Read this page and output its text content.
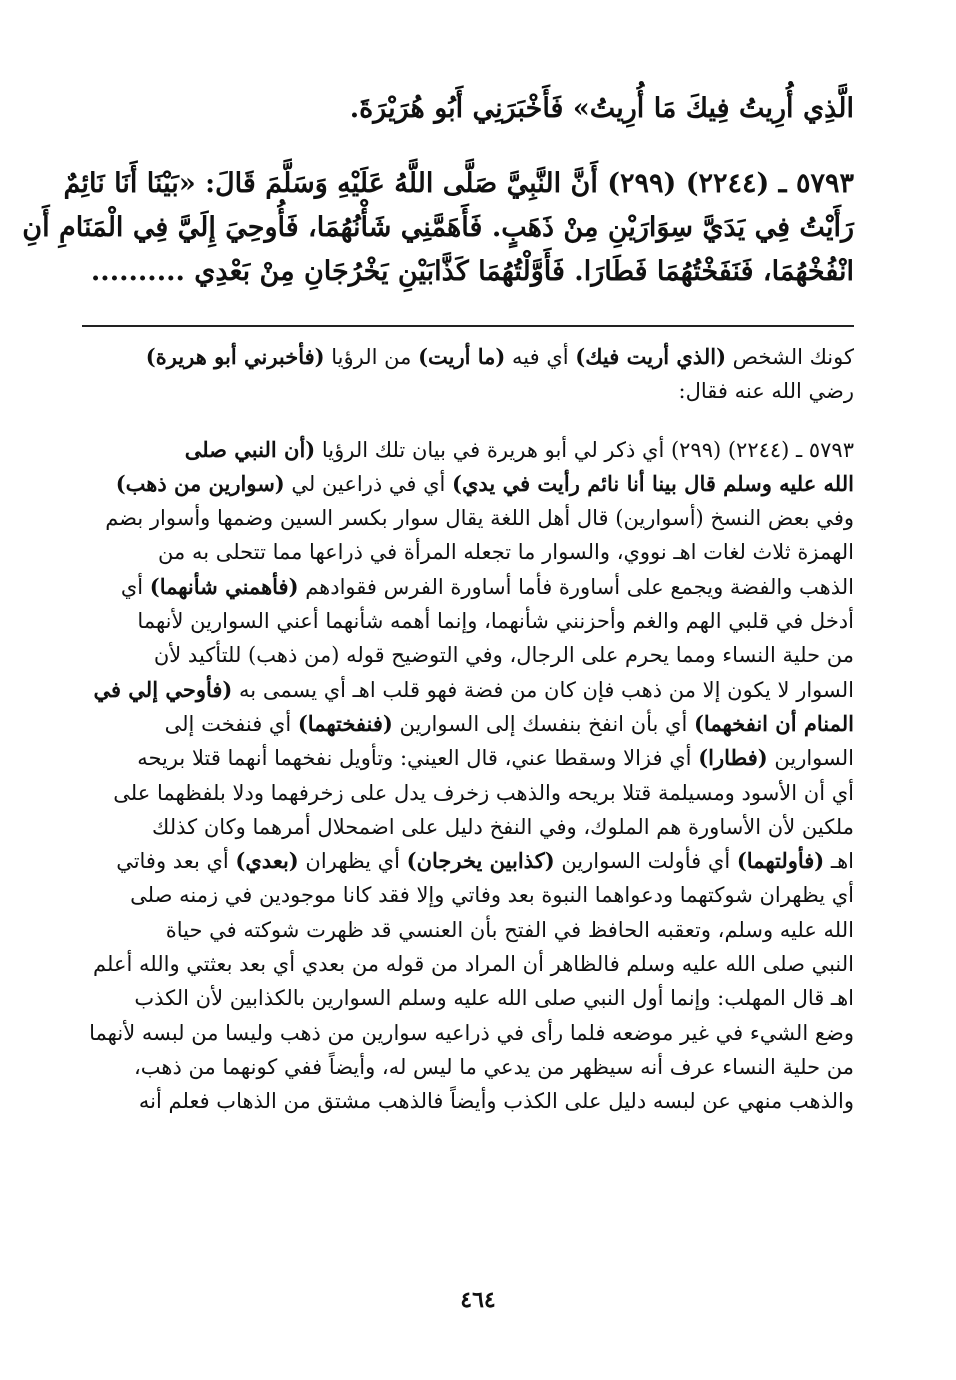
الَّذِي أُرِيتُ فِيكَ مَا أُرِيتُ» فَأَخْبَرَنِي أَبُو هُرَيْرَةَ.

٥٧٩٣ ـ (٢٢٤٤) (٢٩٩) أَنَّ النَّبِيَّ صَلَّى اللَّهُ عَلَيْهِ وَسَلَّمَ قَالَ: «بَيْنَا أَنَا نَائِمٌ

رَأَيْتُ فِي يَدَيَّ سِوَارَيْنِ مِنْ ذَهَبٍ. فَأَهَمَّنِي شَأْنُهُمَا، فَأُوحِيَ إِلَيَّ فِي الْمَنَامِ أَنِ

انْفُخْهُمَا، فَنَفَخْتُهُمَا فَطَارَا. فَأَوَّلْتُهُمَا كَذَّابَيْنِ يَخْرُجَانِ مِنْ بَعْدِي ..........

كونك الشخص (الذي أريت فيك) أي فيه (ما أريت) من الرؤيا (فأخبرني أبو هريرة)

رضي الله عنه فقال:

٥٧٩٣ ـ (٢٢٤٤) (٢٩٩) أي ذكر لي أبو هريرة في بيان تلك الرؤيا (أن النبي صلى

الله عليه وسلم قال بينا أنا نائم رأيت في يدي) أي في ذراعين لي (سوارين من ذهب)

وفي بعض النسخ (أسوارين) قال أهل اللغة يقال سوار بكسر السين وضمها وأسوار بضم

الهمزة ثلاث لغات اهـ نووي، والسوار ما تجعله المرأة في ذراعها مما تتحلى به من

الذهب والفضة ويجمع على أساورة فأما أساورة الفرس فقوادهم (فأهمني شأنهما) أي

أدخل في قلبي الهم والغم وأحزنني شأنهما، وإنما أهمه شأنهما أعني السوارين لأنهما

من حلية النساء ومما يحرم على الرجال، وفي التوضيح قوله (من ذهب) للتأكيد لأن

السوار لا يكون إلا من ذهب فإن كان من فضة فهو قلب اهـ أي يسمى به (فأوحي إلي في

المنام أن انفخهما) أي بأن انفخ بنفسك إلى السوارين (فنفختهما) أي فنفخت إلى

السوارين (فطارا) أي فزالا وسقطا عني، قال العيني: وتأويل نفخهما أنهما قتلا بريحه

أي أن الأسود ومسيلمة قتلا بريحه والذهب زخرف يدل على زخرفهما ودلا بلفظهما على

ملكين لأن الأساورة هم الملوك، وفي النفخ دليل على اضمحلال أمرهما وكان كذلك

اهـ (فأولتهما) أي فأولت السوارين (كذابين يخرجان) أي يظهران (بعدي) أي بعد وفاتي

أي يظهران شوكتهما ودعواهما النبوة بعد وفاتي وإلا فقد كانا موجودين في زمنه صلى

الله عليه وسلم، وتعقبه الحافظ في الفتح بأن العنسي قد ظهرت شوكته في حياة

النبي صلى الله عليه وسلم فالظاهر أن المراد من قوله من بعدي أي بعد بعثتي والله أعلم

اهـ قال المهلب: وإنما أول النبي صلى الله عليه وسلم السوارين بالكذابين لأن الكذب

وضع الشيء في غير موضعه فلما رأى في ذراعيه سوارين من ذهب وليسا من لبسه لأنهما

من حلية النساء عرف أنه سيظهر من يدعي ما ليس له، وأيضاً ففي كونهما من ذهب،

والذهب منهي عن لبسه دليل على الكذب وأيضاً فالذهب مشتق من الذهاب فعلم أنه

٤٦٤
